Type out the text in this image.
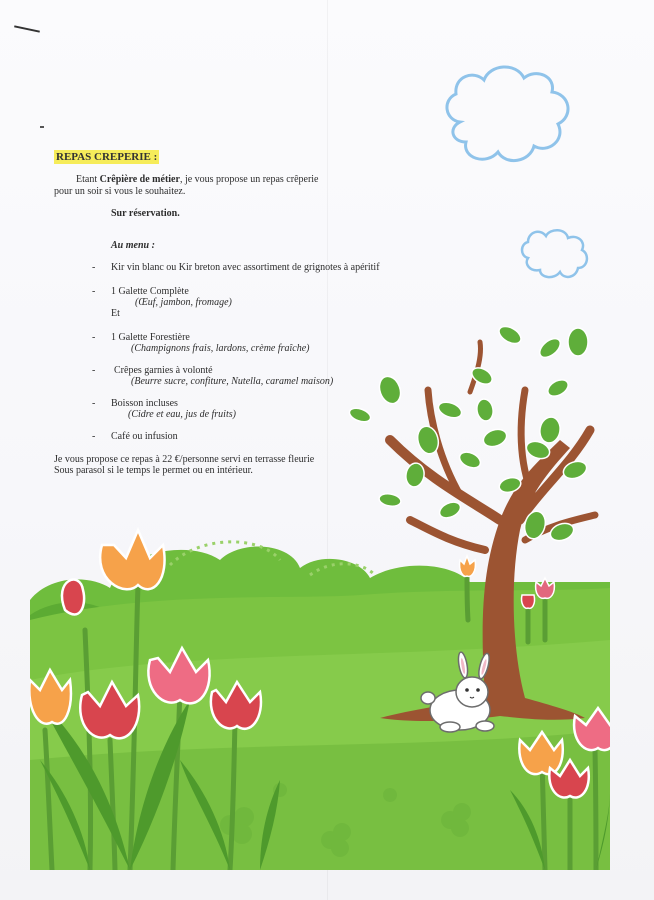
REPAS CREPERIE :
Etant Crêpière de métier, je vous propose un repas crêperie
pour un soir si vous le souhaitez.
Sur réservation.
Au menu :
- Kir vin blanc ou Kir breton avec assortiment de grignotes à apéritif
- 1 Galette Complète
(Œuf, jambon, fromage)
Et
- 1 Galette Forestière
(Champignons frais, lardons, crème fraîche)
- Crêpes garnies à volonté
(Beurre sucre, confiture, Nutella, caramel maison)
- Boisson incluses
(Cidre et eau, jus de fruits)
- Café ou infusion
Je vous propose ce repas à 22 €/personne servi en terrasse fleurie
Sous parasol si le temps le permet ou en intérieur.
